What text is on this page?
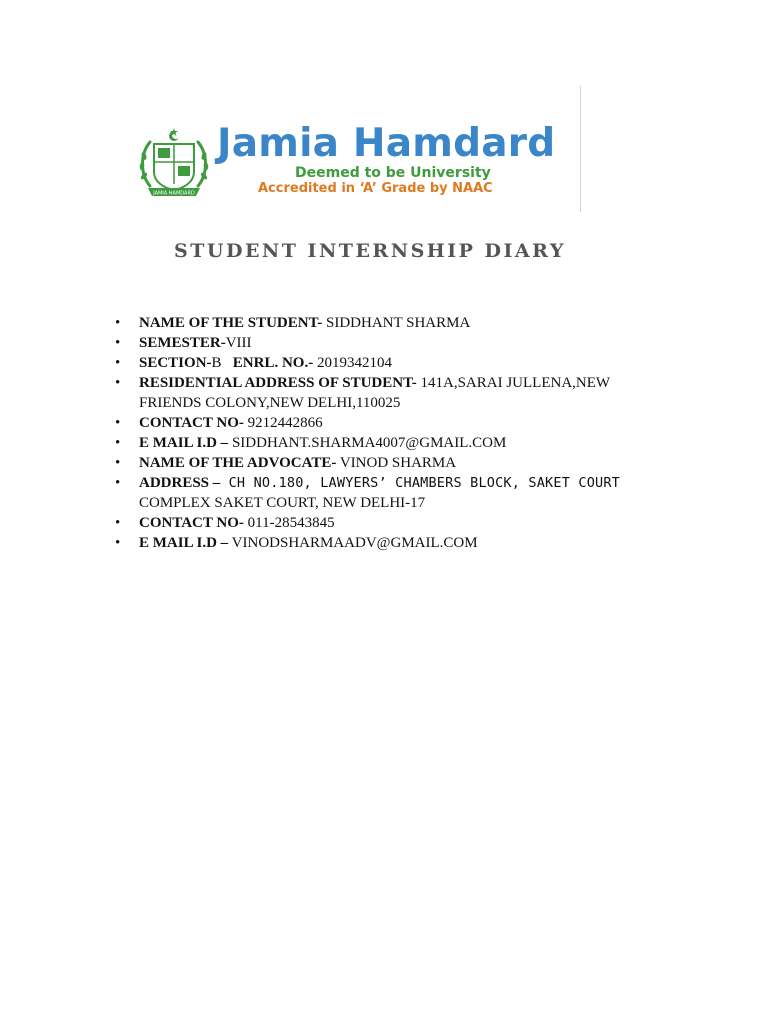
JAMIA HAMDARD
Jamia Hamdard
Deemed to be University
Accredited in ‘A’ Grade by NAAC
STUDENT INTERNSHIP DIARY
• NAME OF THE STUDENT- SIDDHANT SHARMA
• SEMESTER-VIII
• SECTION-B ENRL. NO.- 2019342104
• RESIDENTIAL ADDRESS OF STUDENT- 141A,SARAI JULLENA,NEW FRIENDS COLONY,NEW DELHI,110025
• CONTACT NO- 9212442866
• E MAIL I.D – SIDDHANT.SHARMA4007@GMAIL.COM
• NAME OF THE ADVOCATE- VINOD SHARMA
• ADDRESS – CH NO.180, LAWYERS’ CHAMBERS BLOCK, SAKET COURT
COMPLEX SAKET COURT, NEW DELHI-17
• CONTACT NO- 011-28543845
• E MAIL I.D – VINODSHARMAADV@GMAIL.COM
